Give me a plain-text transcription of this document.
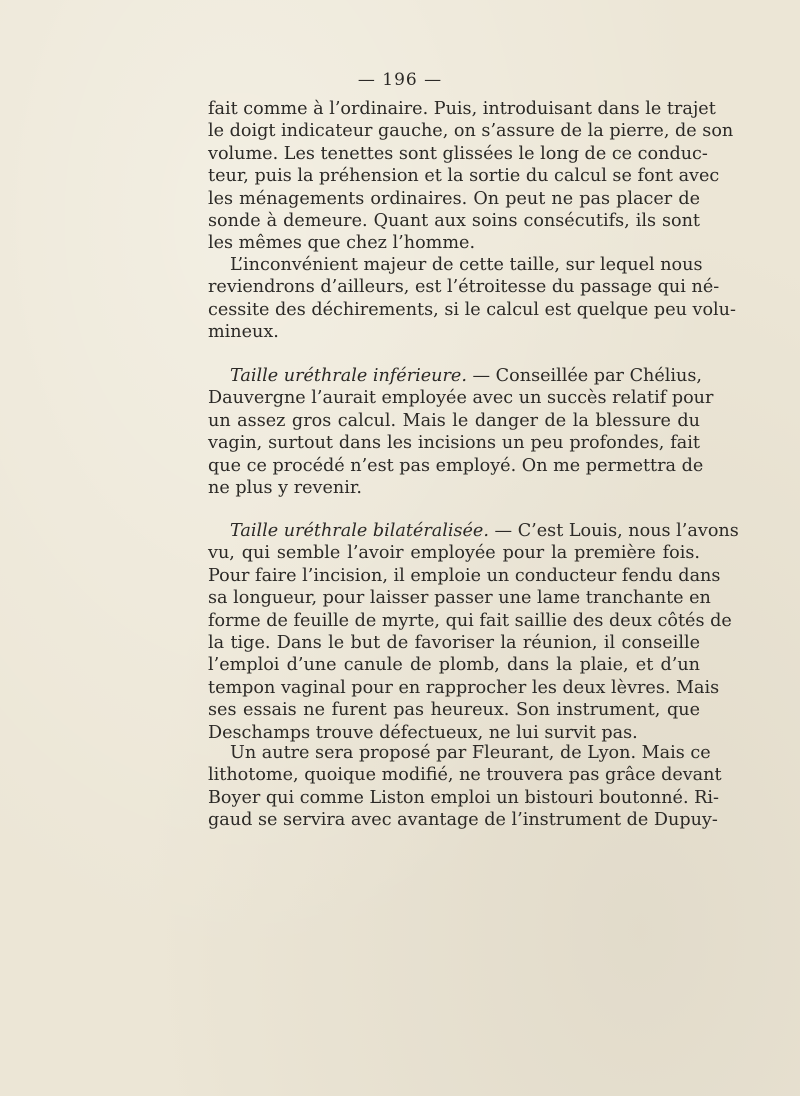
— 196 —
fait comme à l’ordinaire. Puis, introduisant dans le trajet
le doigt indicateur gauche, on s’assure de la pierre, de son
volume. Les tenettes sont glissées le long de ce conduc-
teur, puis la préhension et la sortie du calcul se font avec
les ménagements ordinaires. On peut ne pas placer de
sonde à demeure. Quant aux soins consécutifs, ils sont
les mêmes que chez l’homme.
L’inconvénient majeur de cette taille, sur lequel nous
reviendrons d’ailleurs, est l’étroitesse du passage qui né-
cessite des déchirements, si le calcul est quelque peu volu-
mineux.
Taille uréthrale inférieure. — Conseillée par Chélius,
Dauvergne l’aurait employée avec un succès relatif pour
un assez gros calcul. Mais le danger de la blessure du
vagin, surtout dans les incisions un peu profondes, fait
que ce procédé n’est pas employé. On me permettra de
ne plus y revenir.
Taille uréthrale bilatéralisée. — C’est Louis, nous l’avons
vu, qui semble l’avoir employée pour la première fois.
Pour faire l’incision, il emploie un conducteur fendu dans
sa longueur, pour laisser passer une lame tranchante en
forme de feuille de myrte, qui fait saillie des deux côtés de
la tige. Dans le but de favoriser la réunion, il conseille
l’emploi d’une canule de plomb, dans la plaie, et d’un
tempon vaginal pour en rapprocher les deux lèvres. Mais
ses essais ne furent pas heureux. Son instrument, que
Deschamps trouve défectueux, ne lui survit pas.
Un autre sera proposé par Fleurant, de Lyon. Mais ce
lithotome, quoique modifié, ne trouvera pas grâce devant
Boyer qui comme Liston emploi un bistouri boutonné. Ri-
gaud se servira avec avantage de l’instrument de Dupuy-
